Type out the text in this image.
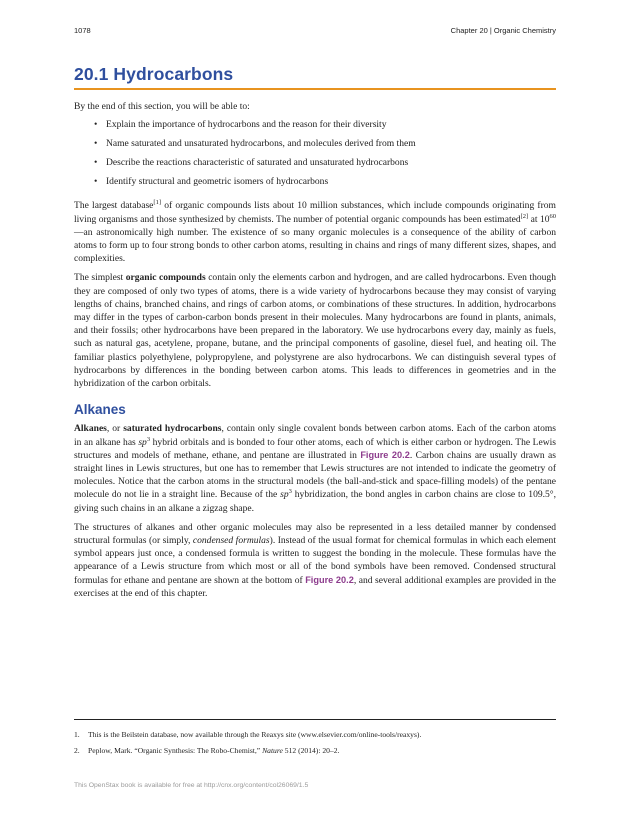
1078	Chapter 20 | Organic Chemistry
20.1 Hydrocarbons

By the end of this section, you will be able to:

• Explain the importance of hydrocarbons and the reason for their diversity
• Name saturated and unsaturated hydrocarbons, and molecules derived from them
• Describe the reactions characteristic of saturated and unsaturated hydrocarbons
• Identify structural and geometric isomers of hydrocarbons

The largest database[1] of organic compounds lists about 10 million substances, which include compounds originating from living organisms and those synthesized by chemists. The number of potential organic compounds has been estimated[2] at $10^{60}—an$ astronomically high number. The existence of so many organic molecules is a consequence of the ability of carbon atoms to form up to four strong bonds to other carbon atoms, resulting in chains and rings of many different sizes, shapes, and complexities.

The simplest organic compounds contain only the elements carbon and hydrogen, and are called hydrocarbons. Even though they are composed of only two types of atoms, there is a wide variety of hydrocarbons because they may consist of varying lengths of chains, branched chains, and rings of carbon atoms, or combinations of these structures. In addition, hydrocarbons may differ in the types of carbon-carbon bonds present in their molecules. Many hydrocarbons are found in plants, animals, and their fossils; other hydrocarbons have been prepared in the laboratory. We use hydrocarbons every day, mainly as fuels, such as natural gas, acetylene, propane, butane, and the principal components of gasoline, diesel fuel, and heating oil. The familiar plastics polyethylene, polypropylene, and polystyrene are also hydrocarbons. We can distinguish several types of hydrocarbons by differences in the bonding between carbon atoms. This leads to differences in geometries and in the hybridization of the carbon orbitals.

Alkanes

Alkanes, or saturated hydrocarbons, contain only single covalent bonds between carbon atoms. Each of the carbon atoms in an alkane has $sp^3$ hybrid orbitals and is bonded to four other atoms, each of which is either carbon or hydrogen. The Lewis structures and models of methane, ethane, and pentane are illustrated in Figure 20.2. Carbon chains are usually drawn as straight lines in Lewis structures, but one has to remember that Lewis structures are not intended to indicate the geometry of molecules. Notice that the carbon atoms in the structural models (the ball-and-stick and space-filling models) of the pentane molecule do not lie in a straight line. Because of the $sp^3$ hybridization, the bond angles in carbon chains are close to 109.5°, giving such chains in an alkane a zigzag shape.

The structures of alkanes and other organic molecules may also be represented in a less detailed manner by condensed structural formulas (or simply, condensed formulas). Instead of the usual format for chemical formulas in which each element symbol appears just once, a condensed formula is written to suggest the bonding in the molecule. These formulas have the appearance of a Lewis structure from which most or all of the bond symbols have been removed. Condensed structural formulas for ethane and pentane are shown at the bottom of Figure 20.2, and several additional examples are provided in the exercises at the end of this chapter.

1. This is the Beilstein database, now available through the Reaxys site (www.elsevier.com/online-tools/reaxys).

2. Peplow, Mark. “Organic Synthesis: The Robo-Chemist,” Nature 512 (2014): 20–2.

This OpenStax book is available for free at http://cnx.org/content/col26069/1.5
